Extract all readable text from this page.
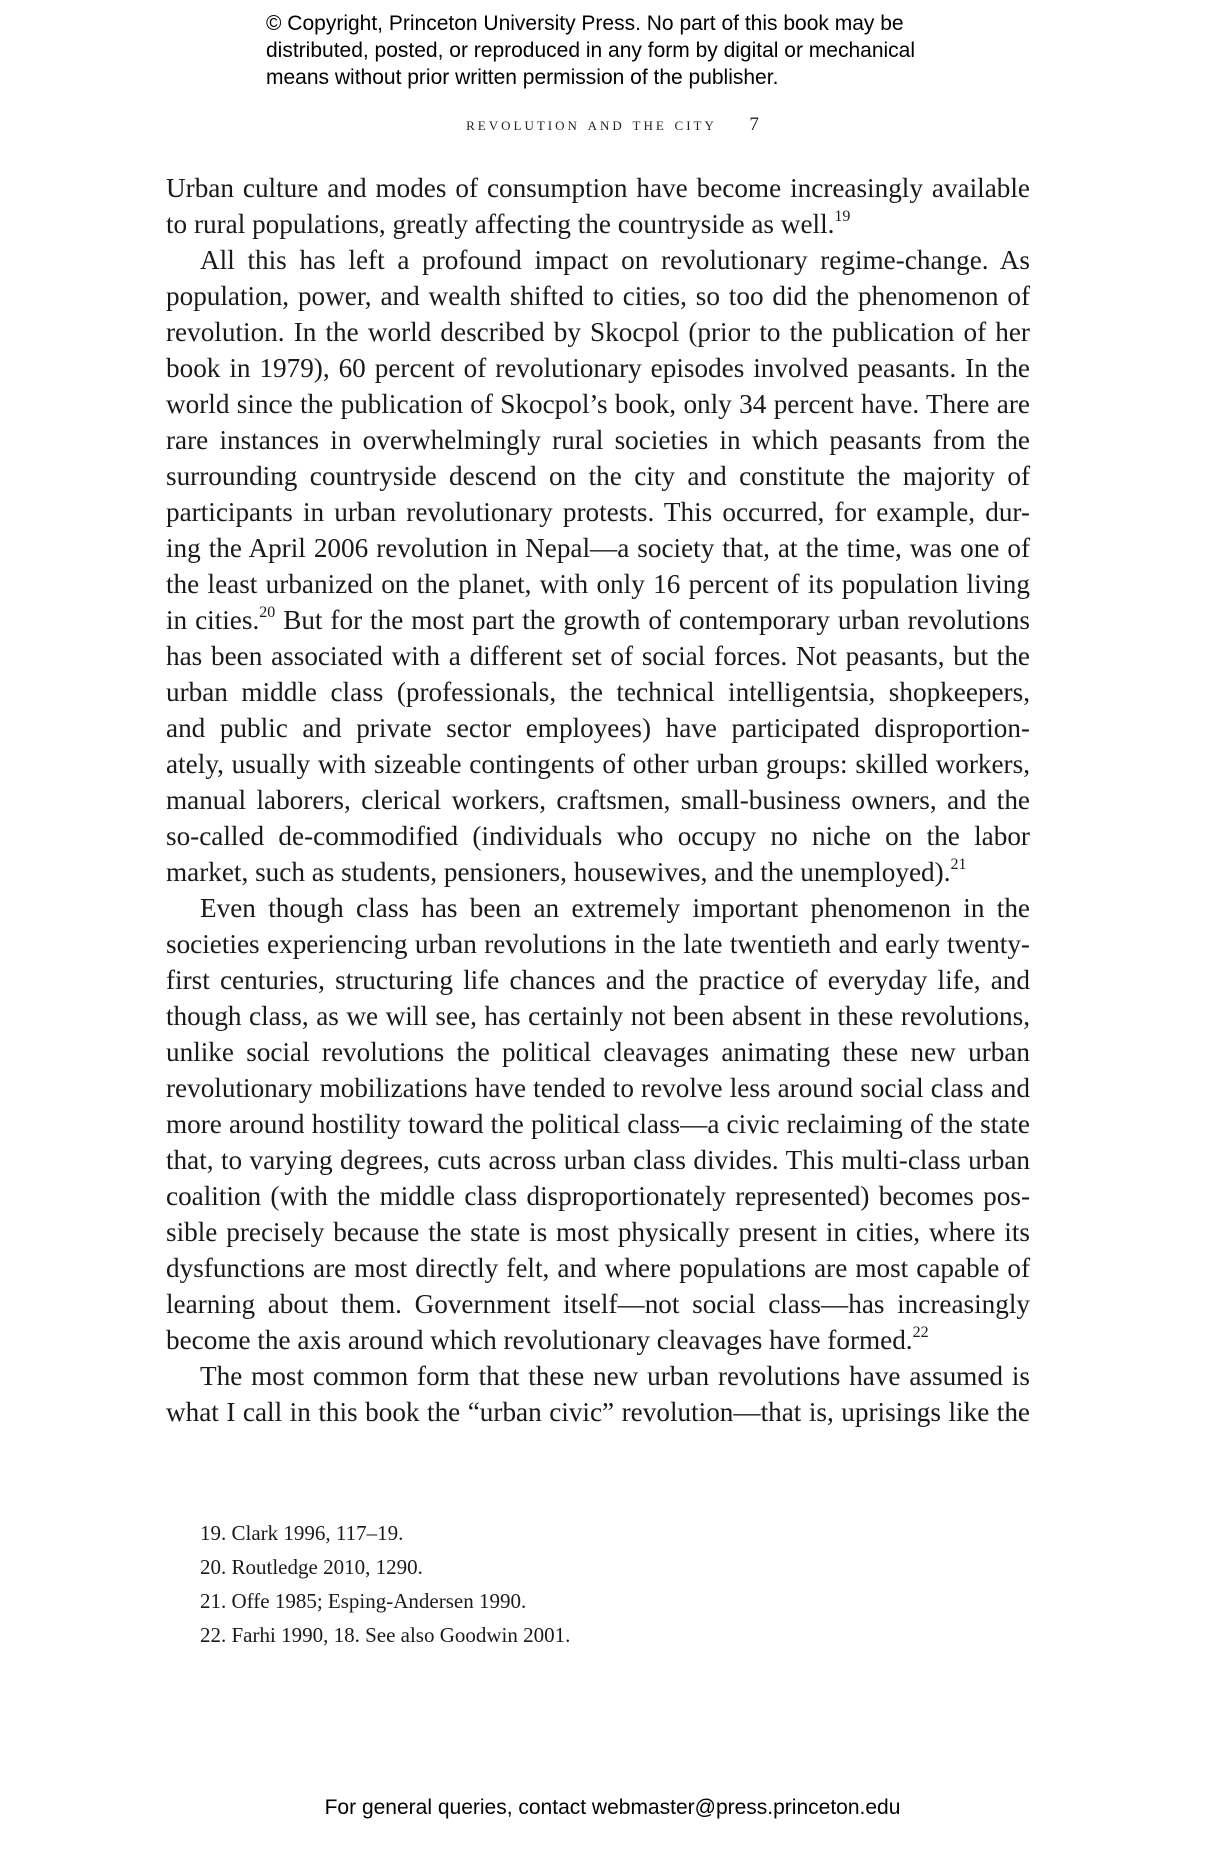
© Copyright, Princeton University Press. No part of this book may be
distributed, posted, or reproduced in any form by digital or mechanical
means without prior written permission of the publisher.
revolution and the city 7
Urban culture and modes of consumption have become increasingly available
to rural populations, greatly affecting the countryside as well.$^{19}$
All this has left a profound impact on revolutionary regime-change. As
population, power, and wealth shifted to cities, so too did the phenomenon of
revolution. In the world described by Skocpol (prior to the publication of her
book in 1979), 60 percent of revolutionary episodes involved peasants. In the
world since the publication of Skocpol’s book, only 34 percent have. There are
rare instances in overwhelmingly rural societies in which peasants from the
surrounding countryside descend on the city and constitute the majority of
participants in urban revolutionary protests. This occurred, for example, dur-
ing the April 2006 revolution in Nepal—a society that, at the time, was one of
the least urbanized on the planet, with only 16 percent of its population living
in cities.$^{20}$ But for the most part the growth of contemporary urban revolutions
has been associated with a different set of social forces. Not peasants, but the
urban middle class (professionals, the technical intelligentsia, shopkeepers,
and public and private sector employees) have participated disproportion-
ately, usually with sizeable contingents of other urban groups: skilled workers,
manual laborers, clerical workers, craftsmen, small-business owners, and the
so-called de-commodified (individuals who occupy no niche on the labor
market, such as students, pensioners, housewives, and the unemployed).$^{21}$
Even though class has been an extremely important phenomenon in the
societies experiencing urban revolutions in the late twentieth and early twenty-
first centuries, structuring life chances and the practice of everyday life, and
though class, as we will see, has certainly not been absent in these revolutions,
unlike social revolutions the political cleavages animating these new urban
revolutionary mobilizations have tended to revolve less around social class and
more around hostility toward the political class—a civic reclaiming of the state
that, to varying degrees, cuts across urban class divides. This multi-class urban
coalition (with the middle class disproportionately represented) becomes pos-
sible precisely because the state is most physically present in cities, where its
dysfunctions are most directly felt, and where populations are most capable of
learning about them. Government itself—not social class—has increasingly
become the axis around which revolutionary cleavages have formed.$^{22}$
The most common form that these new urban revolutions have assumed is
what I call in this book the “urban civic” revolution—that is, uprisings like the
19. Clark 1996, 117–19.
20. Routledge 2010, 1290.
21. Offe 1985; Esping-Andersen 1990.
22. Farhi 1990, 18. See also Goodwin 2001.
For general queries, contact webmaster@press.princeton.edu
